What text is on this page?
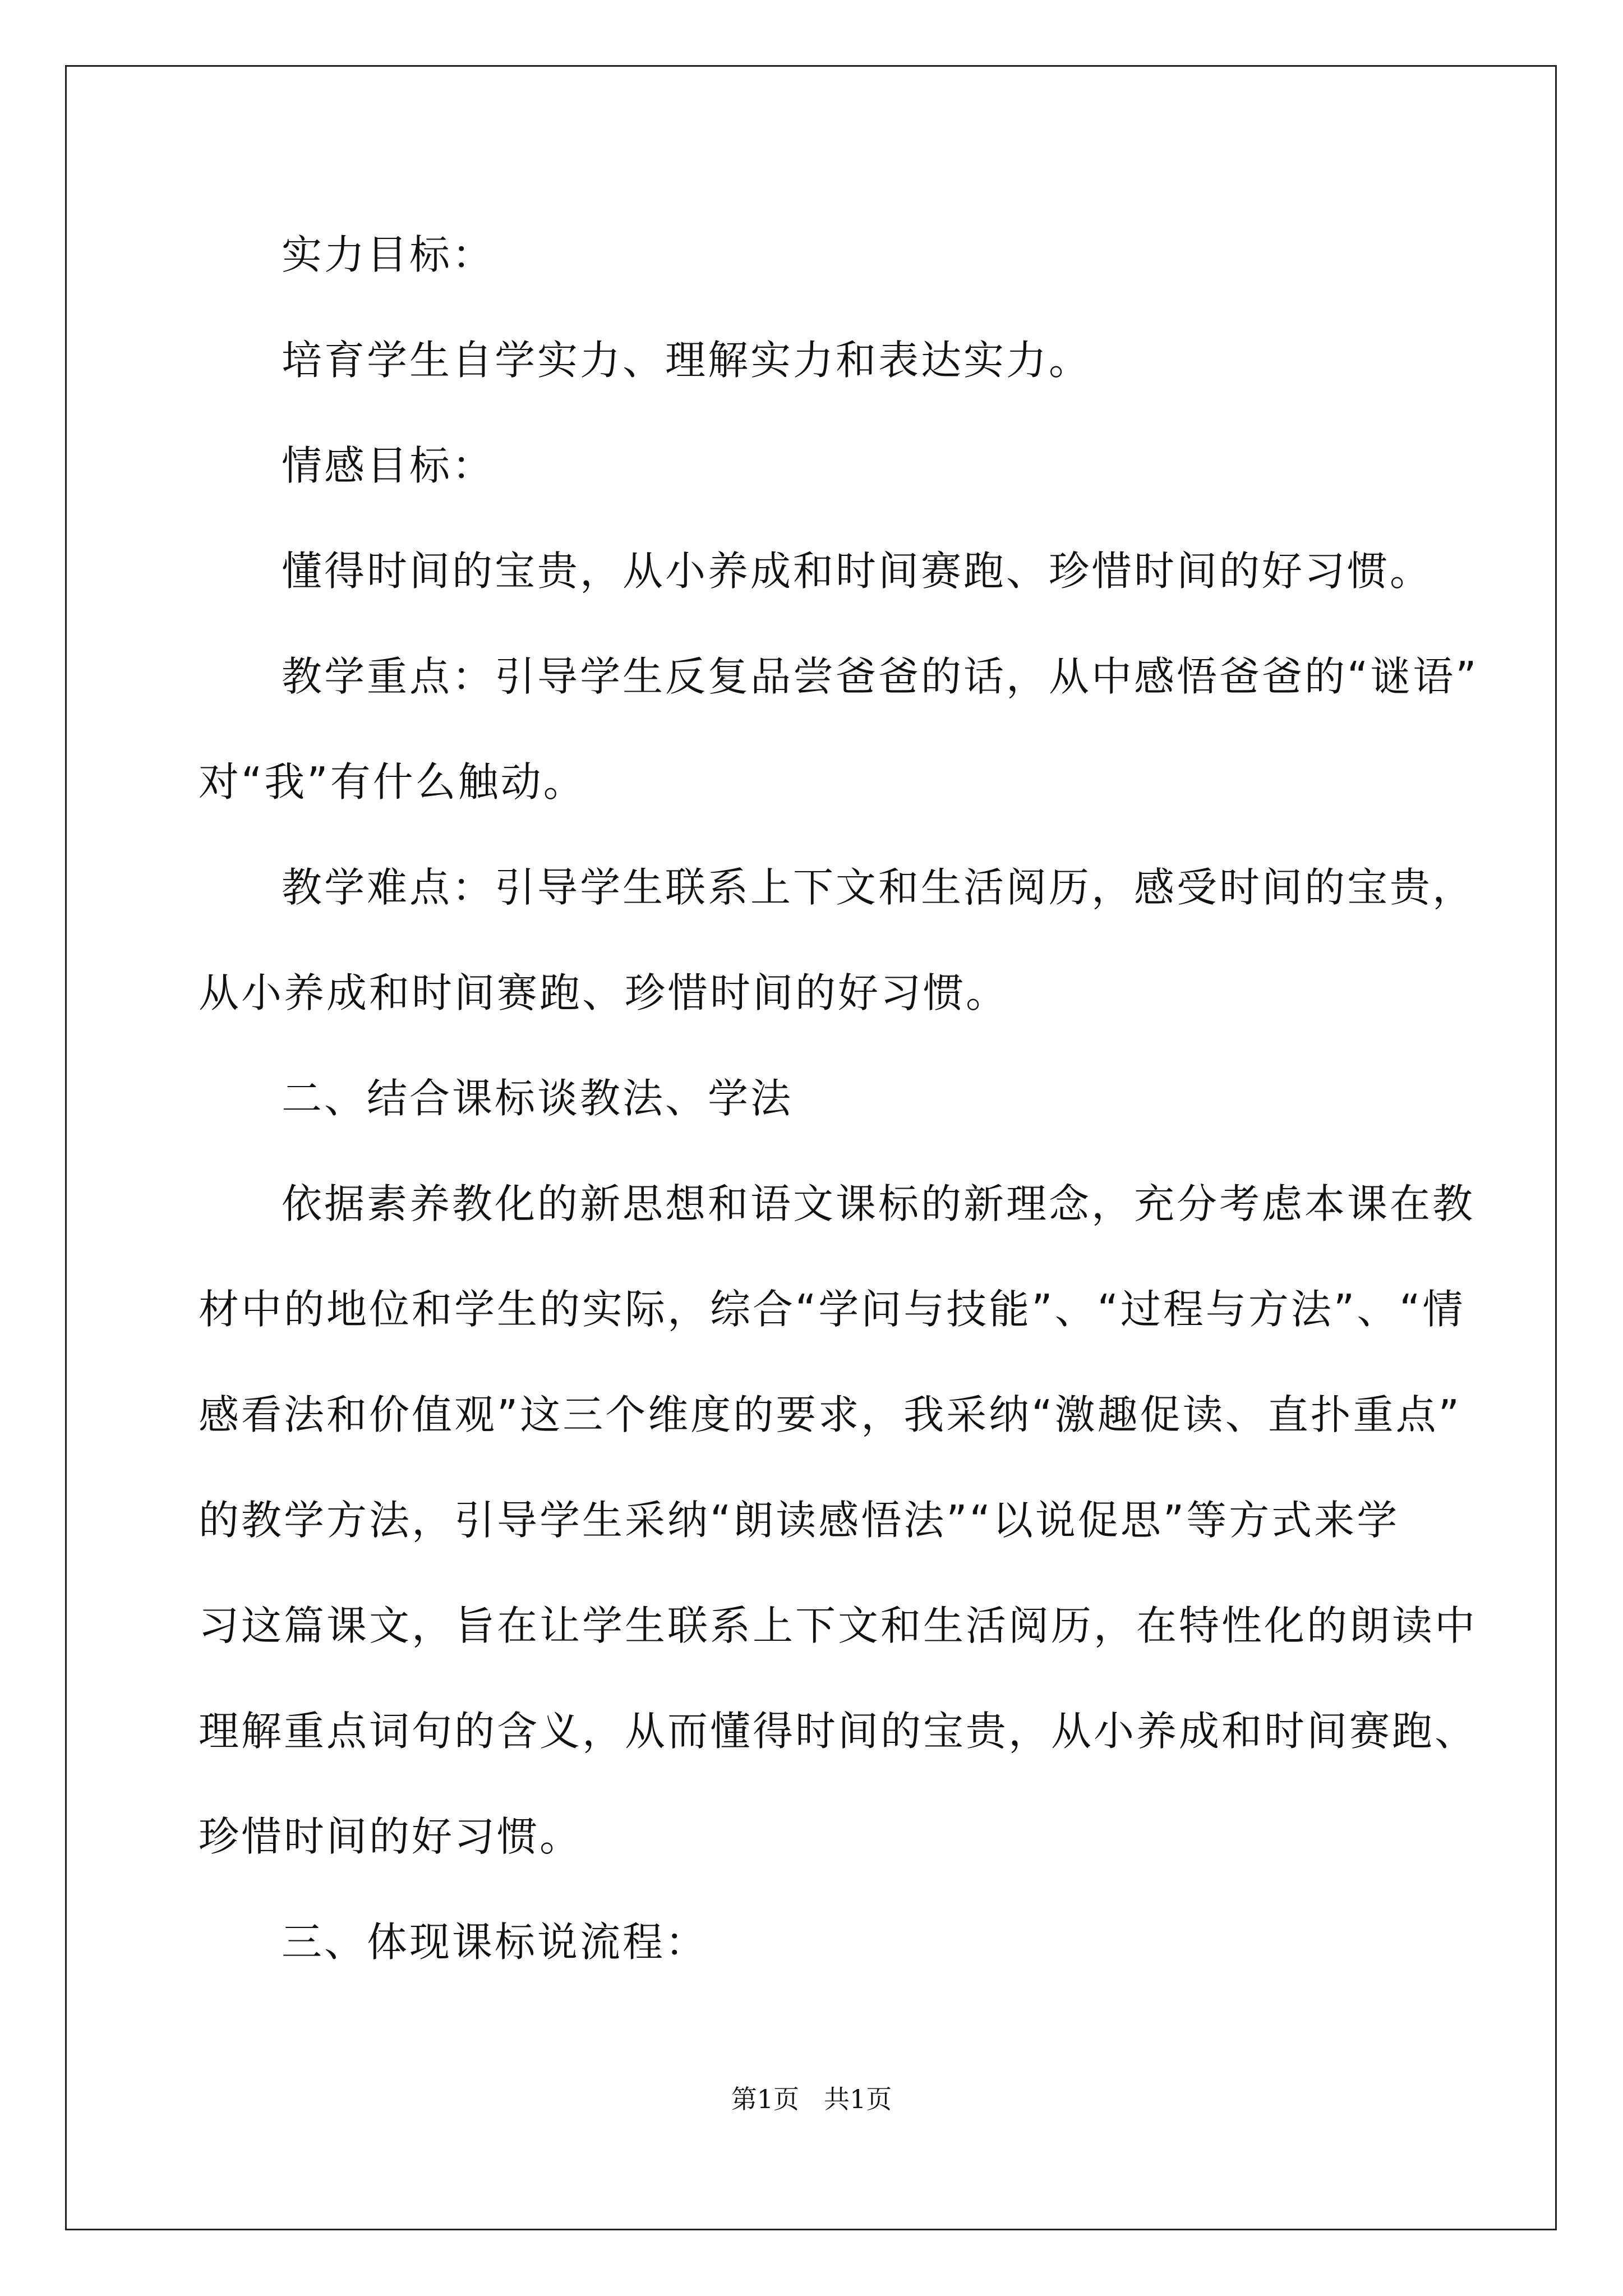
实力目标：

培育学生自学实力、理解实力和表达实力。

情感目标：

懂得时间的宝贵，从小养成和时间赛跑、珍惜时间的好习惯。

教学重点：引导学生反复品尝爸爸的话，从中感悟爸爸的“谜语”

对“我”有什么触动。

教学难点：引导学生联系上下文和生活阅历，感受时间的宝贵，

从小养成和时间赛跑、珍惜时间的好习惯。

二、结合课标谈教法、学法

依据素养教化的新思想和语文课标的新理念，充分考虑本课在教

材中的地位和学生的实际，综合“学问与技能”、“过程与方法”、“情

感看法和价值观”这三个维度的要求，我采纳“激趣促读、直扑重点”

的教学方法，引导学生采纳“朗读感悟法”“以说促思”等方式来学

习这篇课文，旨在让学生联系上下文和生活阅历，在特性化的朗读中

理解重点词句的含义，从而懂得时间的宝贵，从小养成和时间赛跑、

珍惜时间的好习惯。

三、体现课标说流程：

第1页 共1页
